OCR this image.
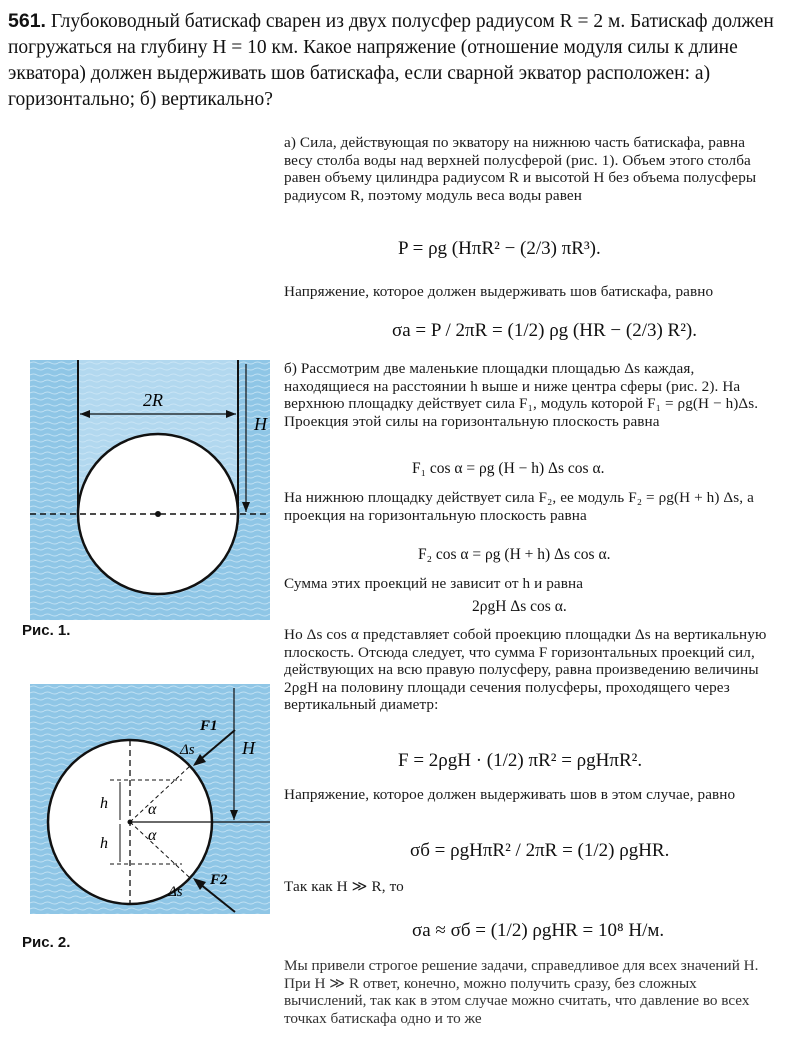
561. Глубоководный батискаф сварен из двух полусфер радиусом R = 2 м. Батискаф должен погружаться на глубину H = 10 км. Какое напряжение (отношение модуля силы к длине экватора) должен выдерживать шов батискафа, если сварной экватор расположен: а) горизонтально; б) вертикально?
а) Сила, действующая по экватору на нижнюю часть батискафа, равна весу столба воды над верхней полусферой (рис. 1). Объем этого столба равен объему цилиндра радиусом R и высотой H без объема полусферы радиусом R, поэтому модуль веса воды равен
P = ρg (HπR² − (2/3) πR³).
Напряжение, которое должен выдерживать шов батискафа, равно
σa = P / 2πR = (1/2) ρg (HR − (2/3) R²).
б) Рассмотрим две маленькие площадки площадью Δs каждая, находящиеся на расстоянии h выше и ниже центра сферы (рис. 2). На верхнюю площадку действует сила F₁, модуль которой F₁ = ρg(H − h)Δs. Проекция этой силы на горизонтальную плоскость равна
F₁ cos α = ρg (H − h) Δs cos α.
На нижнюю площадку действует сила F₂, ее модуль F₂ = ρg(H + h) Δs, а проекция на горизонтальную плоскость равна
F₂ cos α = ρg (H + h) Δs cos α.
Сумма этих проекций не зависит от h и равна
2ρgH Δs cos α.
Но Δs cos α представляет собой проекцию площадки Δs на вертикальную плоскость. Отсюда следует, что сумма F горизонтальных проекций сил, действующих на всю правую полусферу, равна произведению величины 2ρgH на половину площади сечения полусферы, проходящего через вертикальный диаметр:
F = 2ρgH · (1/2) πR² = ρgHπR².
Напряжение, которое должен выдерживать шов в этом случае, равно
σб = ρgHπR² / 2πR = (1/2) ρgHR.
Так как H ≫ R, то
σа ≈ σб = (1/2) ρgHR = 10⁸ Н/м.
Мы привели строгое решение задачи, справедливое для всех значений H. При H ≫ R ответ, конечно, можно получить сразу, без сложных вычислений, так как в этом случае можно считать, что давление во всех точках батискафа одно и то же
2R
H
Рис. 1.
h
h
α
α
Δs
F1
Δs
F2
H
Рис. 2.
